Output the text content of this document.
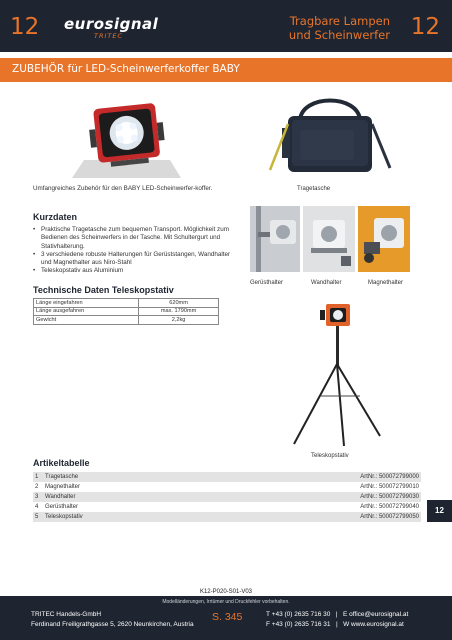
12 eurosignal
TRITEC
Tragbare Lampen
und Scheinwerfer 12
ZUBEHÖR für LED-Scheinwerferkoffer BABY
Tragetasche

Umfangreiches Zubehör für den BABY LED-Scheinwerfer-koffer.

Kurzdaten
• Praktische Tragetasche zum bequemen Transport. Möglichkeit zum Bedienen des Scheinwerfers in der Tasche. Mit Schultergurt und Stativhalterung.
• 3 verschiedene robuste Halterungen für Gerüststangen, Wandhalter und Magnethalter aus Niro-Stahl
• Teleskopstativ aus Aluminium
Technische Daten Teleskopstativ
Länge eingefahren	620mm
Länge ausgefahren	max. 1790mm
Gewicht	2,2kg
Gerüsthalter	Wandhalter	Magnethalter
Teleskopstativ
Artikeltabelle
1	Tragetasche	ArtNr.: 500072799000
2	Magnethalter	ArtNr.: 500072799010
3	Wandhalter	ArtNr.: 500072799030
4	Gerüsthalter	ArtNr.: 500072799040
5	Teleskopstativ	ArtNr.: 500072799050
12
K12-P020-S01-V03
Modelländerungen, Irrtümer und Druckfehler vorbehalten.
TRITEC Handels-GmbH
Ferdinand Freiligrathgasse 5, 2620 Neunkirchen, Austria
S. 345	T +43 (0) 2635 716 30   |   E office@eurosignal.at
F +43 (0) 2635 716 31   |   W www.eurosignal.at
